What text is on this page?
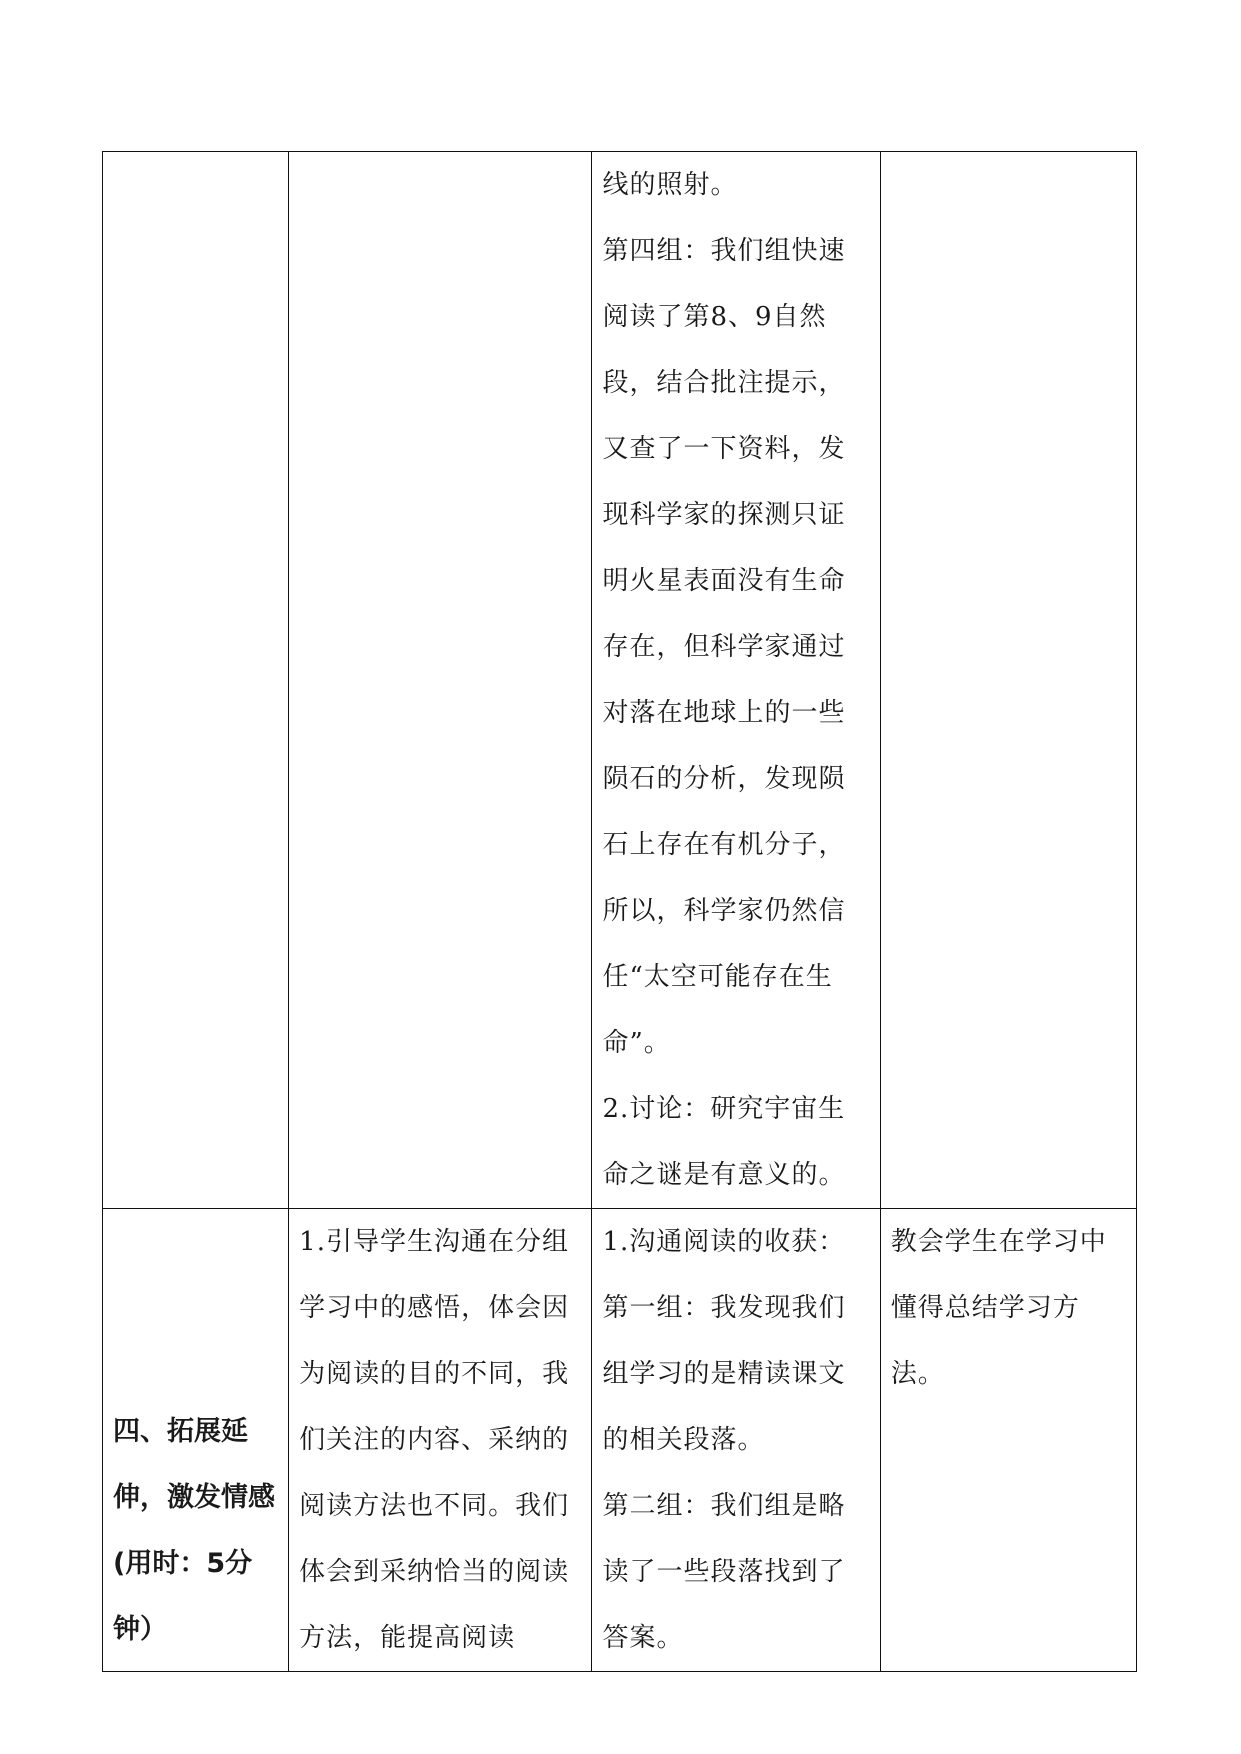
		线的照射。

第四组：我们组快速阅读了第8、9自然段，结合批注提示，又查了一下资料，发现科学家的探测只证明火星表面没有生命存在，但科学家通过对落在地球上的一些陨石的分析，发现陨石上存在有机分子，所以，科学家仍然信任“太空可能存在生命”。

2.讨论：研究宇宙生命之谜是有意义的。	

四、拓展延伸，激发情感(用时：5分钟）	1.引导学生沟通在分组学习中的感悟，体会因为阅读的目的不同，我们关注的内容、采纳的阅读方法也不同。我们体会到采纳恰当的阅读方法，能提高阅读	1.沟通阅读的收获：

第一组：我发现我们组学习的是精读课文的相关段落。

第二组：我们组是略读了一些段落找到了答案。	教会学生在学习中懂得总结学习方法。
